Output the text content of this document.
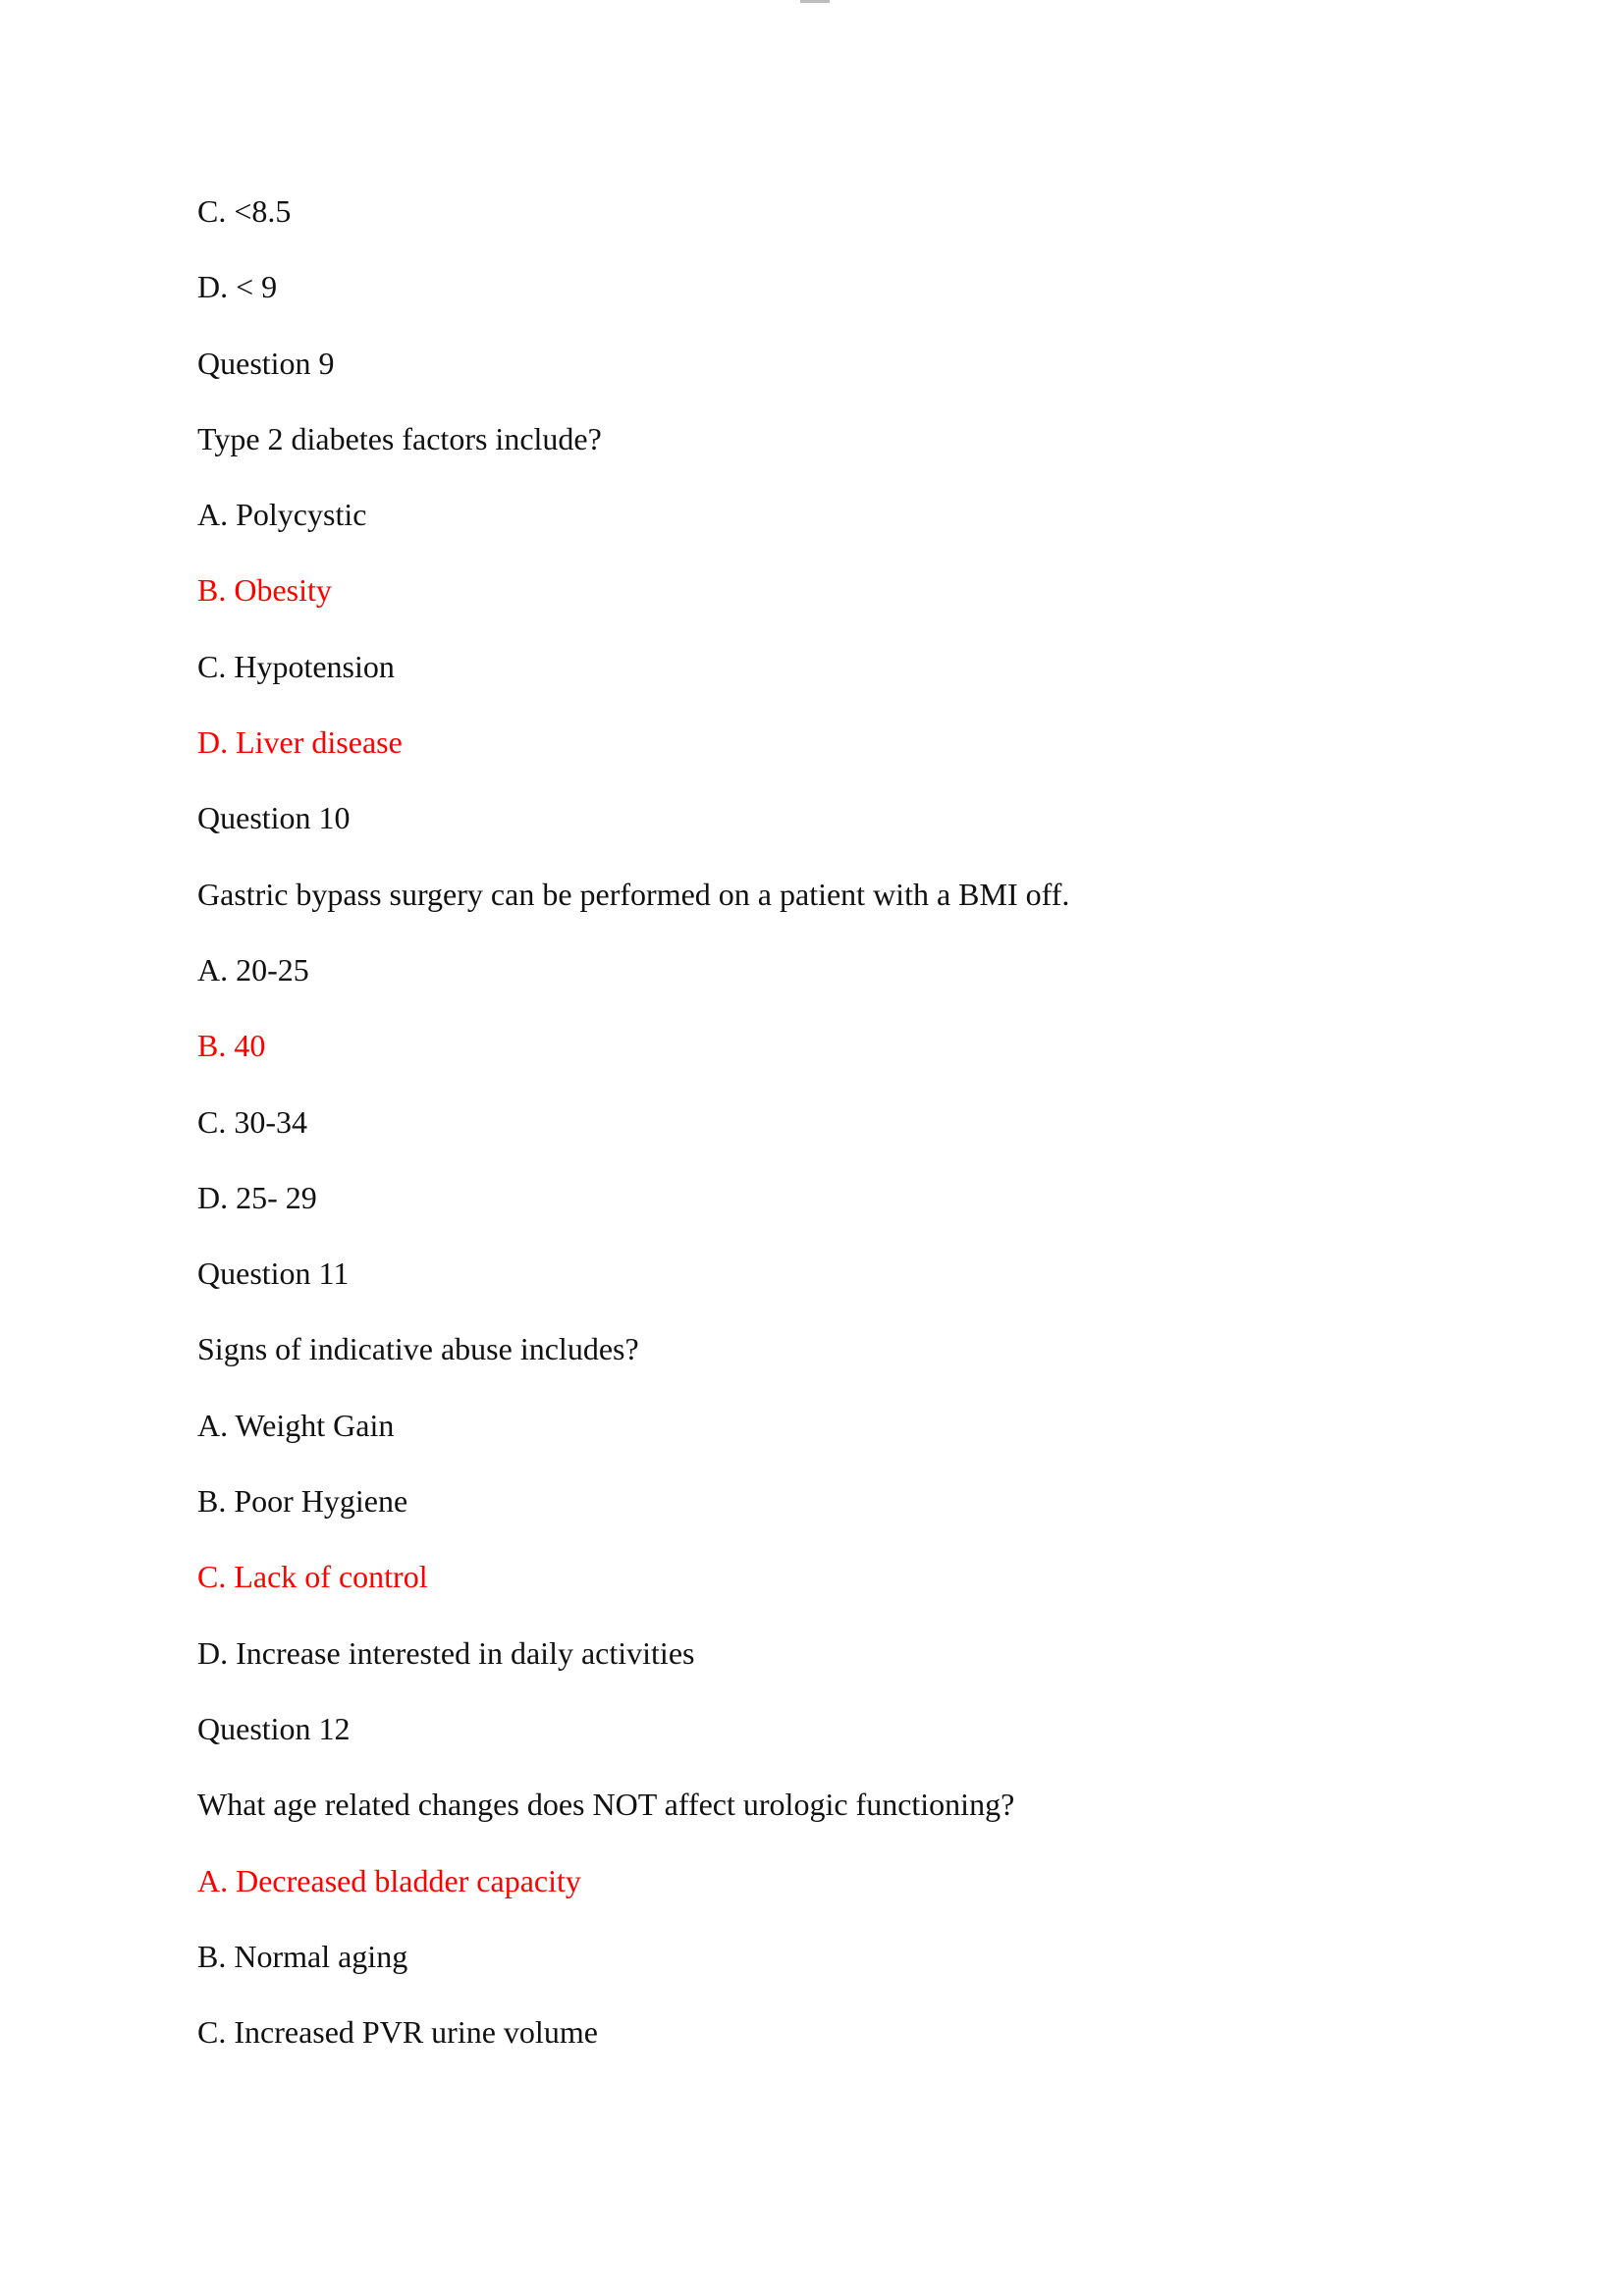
C. <8.5

D. < 9

Question 9

Type 2 diabetes factors include?

A. Polycystic

B. Obesity

C. Hypotension

D. Liver disease

Question 10

Gastric bypass surgery can be performed on a patient with a BMI off.

A. 20-25

B. 40

C. 30-34

D. 25- 29

Question 11

Signs of indicative abuse includes?

A. Weight Gain

B. Poor Hygiene

C. Lack of control

D. Increase interested in daily activities

Question 12

What age related changes does NOT affect urologic functioning?

A. Decreased bladder capacity

B. Normal aging

C. Increased PVR urine volume
